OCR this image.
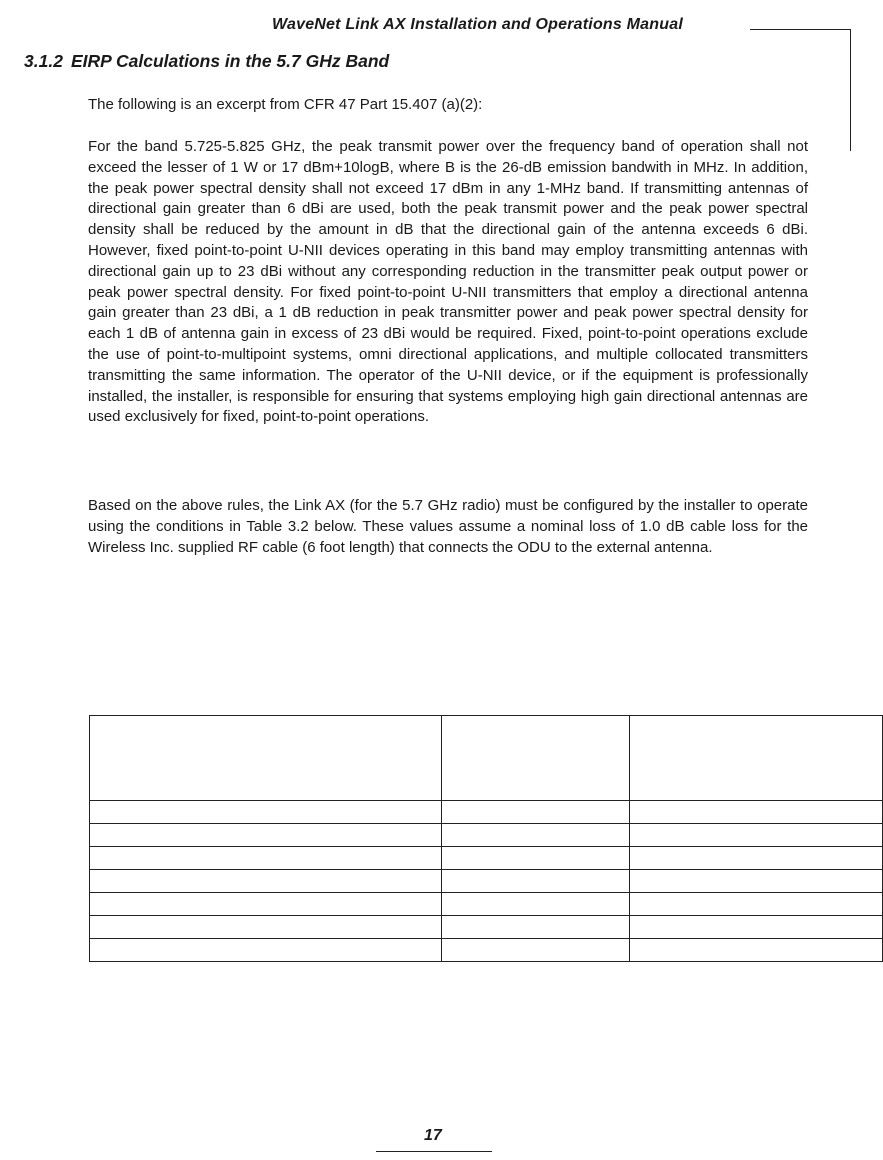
WaveNet Link AX Installation and Operations Manual
3.1.2 EIRP Calculations in the 5.7 GHz Band
The following is an excerpt from CFR 47 Part 15.407 (a)(2):
For the band 5.725-5.825 GHz, the peak transmit power over the frequency band of operation shall not exceed the lesser of 1 W or 17 dBm+10logB, where B is the 26-dB emission bandwith in MHz. In addition, the peak power spectral density shall not exceed 17 dBm in any 1-MHz band. If transmitting antennas of directional gain greater than 6 dBi are used, both the peak transmit power and the peak power spectral density shall be reduced by the amount in dB that the directional gain of the antenna exceeds 6 dBi. However, fixed point-to-point U-NII devices operating in this band may employ transmitting antennas with directional gain up to 23 dBi without any corresponding reduction in the transmitter peak output power or peak power spectral density. For fixed point-to-point U-NII transmitters that employ a directional antenna gain greater than 23 dBi, a 1 dB reduction in peak transmitter power and peak power spectral density for each 1 dB of antenna gain in excess of 23 dBi would be required. Fixed, point-to-point operations exclude the use of point-to-multipoint systems, omni directional applications, and multiple collocated transmitters transmitting the same information. The operator of the U-NII device, or if the equipment is professionally installed, the installer, is responsible for ensuring that systems employing high gain directional antennas are used exclusively for fixed, point-to-point operations.
Based on the above rules, the Link AX (for the 5.7 GHz radio) must be configured by the installer to operate using the conditions in Table 3.2 below. These values assume a nominal loss of 1.0 dB cable loss for the Wireless Inc. supplied RF cable (6 foot length) that connects the ODU to the external antenna.

17
